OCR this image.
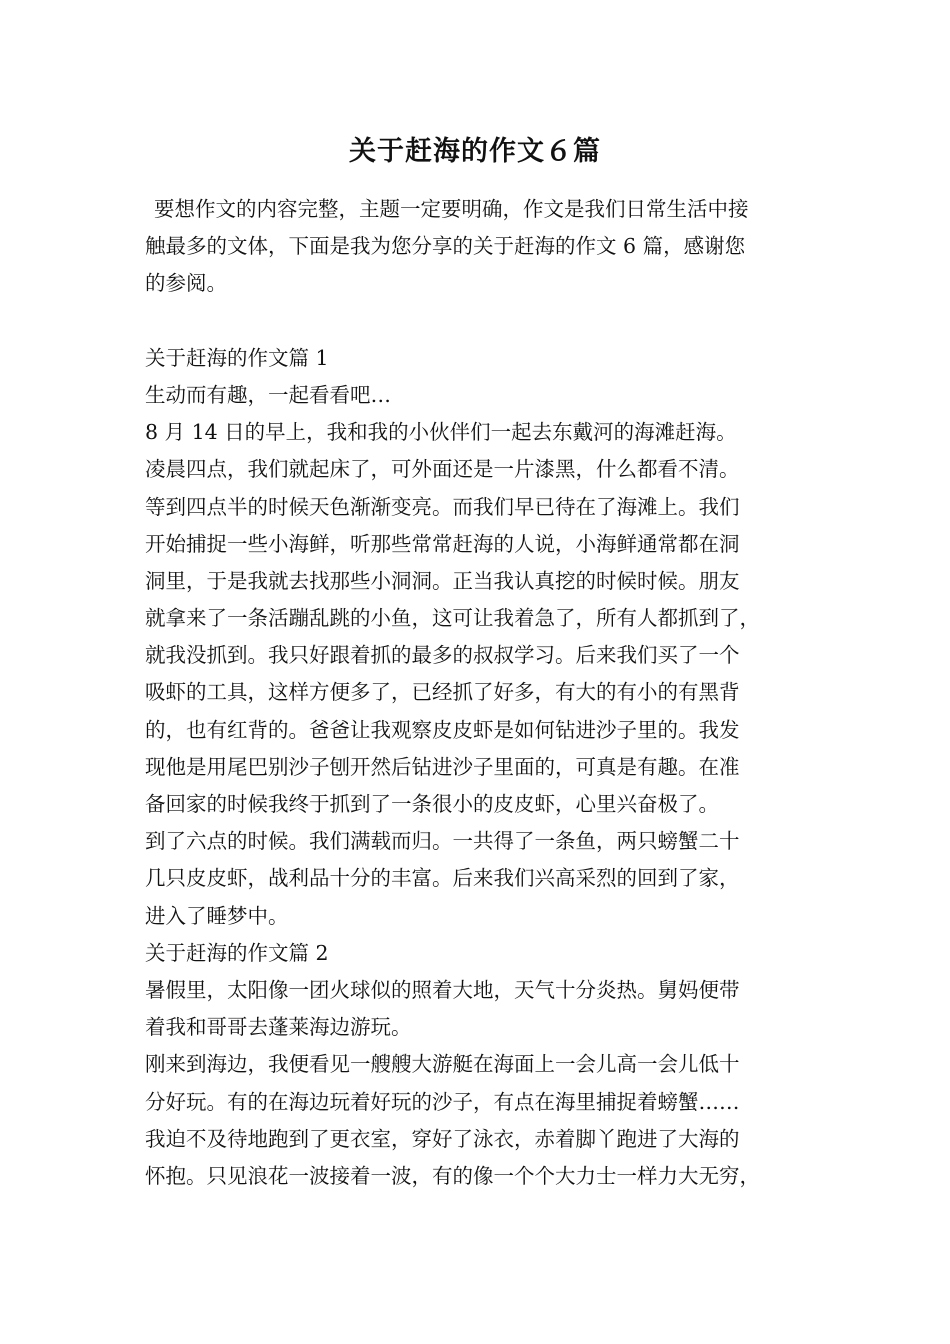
关于赶海的作文６篇
要想作文的内容完整，主题一定要明确，作文是我们日常生活中接
触最多的文体，下面是我为您分享的关于赶海的作文 6 篇，感谢您
的参阅。
关于赶海的作文篇 1
生动而有趣，一起看看吧…
8 月 14 日的早上，我和我的小伙伴们一起去东戴河的海滩赶海。
凌晨四点，我们就起床了，可外面还是一片漆黑，什么都看不清。
等到四点半的时候天色渐渐变亮。而我们早已待在了海滩上。我们
开始捕捉一些小海鲜，听那些常常赶海的人说，小海鲜通常都在洞
洞里，于是我就去找那些小洞洞。正当我认真挖的时候时候。朋友
就拿来了一条活蹦乱跳的小鱼，这可让我着急了，所有人都抓到了，
就我没抓到。我只好跟着抓的最多的叔叔学习。后来我们买了一个
吸虾的工具，这样方便多了，已经抓了好多，有大的有小的有黑背
的，也有红背的。爸爸让我观察皮皮虾是如何钻进沙子里的。我发
现他是用尾巴别沙子刨开然后钻进沙子里面的，可真是有趣。在准
备回家的时候我终于抓到了一条很小的皮皮虾，心里兴奋极了。
到了六点的时候。我们满载而归。一共得了一条鱼，两只螃蟹二十
几只皮皮虾，战利品十分的丰富。后来我们兴高采烈的回到了家，
进入了睡梦中。
关于赶海的作文篇 2
暑假里，太阳像一团火球似的照着大地，天气十分炎热。舅妈便带
着我和哥哥去蓬莱海边游玩。
刚来到海边，我便看见一艘艘大游艇在海面上一会儿高一会儿低十
分好玩。有的在海边玩着好玩的沙子，有点在海里捕捉着螃蟹……
我迫不及待地跑到了更衣室，穿好了泳衣，赤着脚丫跑进了大海的
怀抱。只见浪花一波接着一波，有的像一个个大力士一样力大无穷，
